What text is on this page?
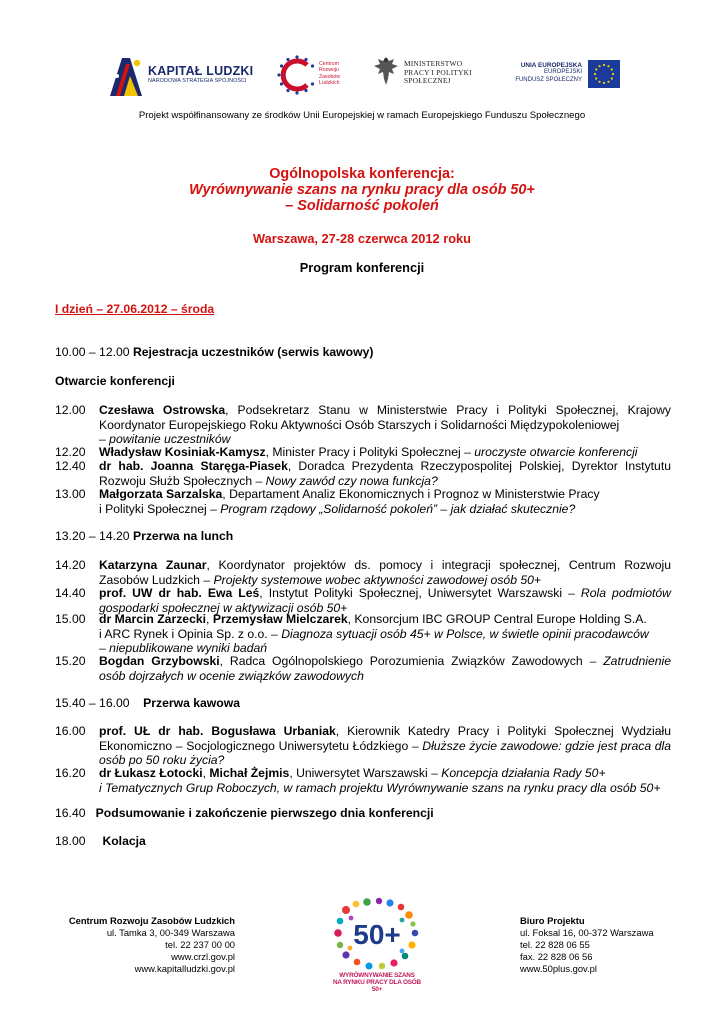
KAPITAŁ LUDZKI
NARODOWA STRATEGIA SPÓJNOŚCI
Centrum
Rozwoju
Zasobów
Ludzkich
MINISTERSTWO
PRACY I POLITYKI
SPOŁECZNEJ
UNIA EUROPEJSKA
EUROPEJSKI
FUNDUSZ SPOŁECZNY
Projekt współfinansowany ze środków Unii Europejskiej w ramach Europejskiego Funduszu Społecznego
Ogólnopolska konferencja:
Wyrównywanie szans na rynku pracy dla osób 50+
– Solidarność pokoleń
Warszawa, 27-28 czerwca 2012 roku
Program konferencji
I dzień – 27.06.2012 – środa
10.00 – 12.00 Rejestracja uczestników (serwis kawowy)
Otwarcie konferencji
12.00	Czesława Ostrowska, Podsekretarz Stanu w Ministerstwie Pracy i Polityki Społecznej, Krajowy Koordynator Europejskiego Roku Aktywności Osób Starszych i Solidarności Międzypokoleniowej
– powitanie uczestników
12.20	Władysław Kosiniak-Kamysz, Minister Pracy i Polityki Społecznej – uroczyste otwarcie konferencji
12.40	dr hab. Joanna Staręga-Piasek, Doradca Prezydenta Rzeczypospolitej Polskiej, Dyrektor Instytutu Rozwoju Służb Społecznych – Nowy zawód czy nowa funkcja?
13.00	Małgorzata Sarzalska, Departament Analiz Ekonomicznych i Prognoz w Ministerstwie Pracy
i Polityki Społecznej – Program rządowy „Solidarność pokoleń” – jak działać skutecznie?
13.20 – 14.20 Przerwa na lunch
14.20	Katarzyna Zaunar, Koordynator projektów ds. pomocy i integracji społecznej, Centrum Rozwoju Zasobów Ludzkich – Projekty systemowe wobec aktywności zawodowej osób 50+
14.40	prof. UW dr hab. Ewa Leś, Instytut Polityki Społecznej, Uniwersytet Warszawski – Rola podmiotów gospodarki społecznej w aktywizacji osób 50+
15.00	dr Marcin Zarzecki, Przemysław Mielczarek, Konsorcjum IBC GROUP Central Europe Holding S.A.
i ARC Rynek i Opinia Sp. z o.o. – Diagnoza sytuacji osób 45+ w Polsce, w świetle opinii pracodawców
– niepublikowane wyniki badań
15.20	Bogdan Grzybowski, Radca Ogólnopolskiego Porozumienia Związków Zawodowych – Zatrudnienie osób dojrzałych w ocenie związków zawodowych
15.40 – 16.00 Przerwa kawowa
16.00	prof. UŁ dr hab. Bogusława Urbaniak, Kierownik Katedry Pracy i Polityki Społecznej Wydziału Ekonomiczno – Socjologicznego Uniwersytetu Łódzkiego – Dłuższe życie zawodowe: gdzie jest praca dla osób po 50 roku życia?
16.20	dr Łukasz Łotocki, Michał Żejmis, Uniwersytet Warszawski – Koncepcja działania Rady 50+
i Tematycznych Grup Roboczych, w ramach projektu Wyrównywanie szans na rynku pracy dla osób 50+
16.40 Podsumowanie i zakończenie pierwszego dnia konferencji
18.00 Kolacja
Centrum Rozwoju Zasobów Ludzkich
ul. Tamka 3, 00-349 Warszawa
tel. 22 237 00 00
www.crzl.gov.pl
www.kapitalludzki.gov.pl
50+
WYRÓWNYWANIE SZANS
NA RYNKU PRACY DLA OSÓB 50+
Biuro Projektu
ul. Foksal 16, 00-372 Warszawa
tel. 22 828 06 55
fax. 22 828 06 56
www.50plus.gov.pl
